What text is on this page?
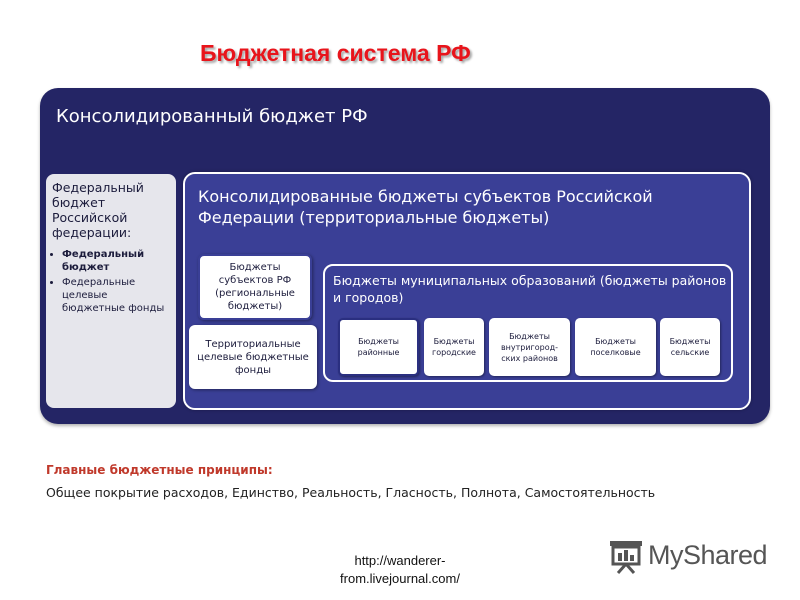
Бюджетная система РФ
Консолидированный бюджет РФ
Федеральный бюджет Российской федерации:
• Федеральный бюджет
• Федеральные целевые бюджетные фонды
Консолидированные бюджеты субъектов Российской Федерации (территориальные бюджеты)
Бюджеты субъектов РФ (региональные бюджеты)
Территориальные целевые бюджетные фонды
Бюджеты муниципальных образований (бюджеты районов и городов)
Бюджеты районные
Бюджеты городские
Бюджеты внутригород-ских районов
Бюджеты поселковые
Бюджеты сельские
Главные бюджетные принципы:
Общее покрытие расходов, Единство, Реальность, Гласность, Полнота, Самостоятельность
http://wanderer-
from.livejournal.com/
MyShared
